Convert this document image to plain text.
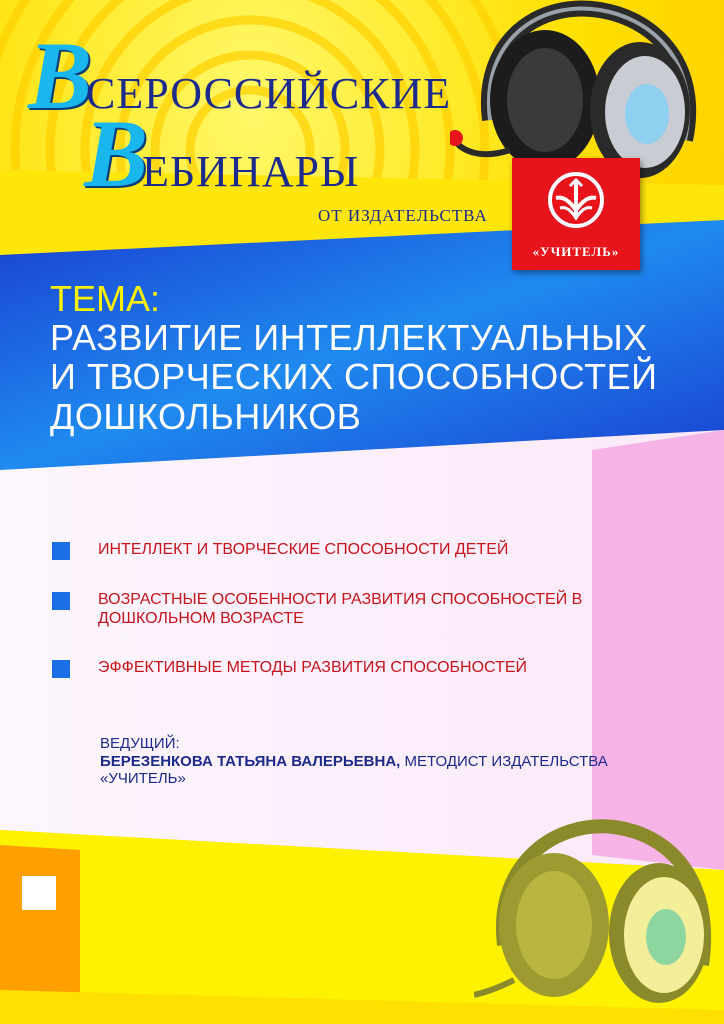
В
СЕРОССИЙСКИЕ
В
ЕБИНАРЫ
ОТ ИЗДАТЕЛЬСТВА
«УЧИТЕЛЬ»
ТЕМА:
РАЗВИТИЕ ИНТЕЛЛЕКТУАЛЬНЫХ
И ТВОРЧЕСКИХ СПОСОБНОСТЕЙ
ДОШКОЛЬНИКОВ
ИНТЕЛЛЕКТ И ТВОРЧЕСКИЕ СПОСОБНОСТИ ДЕТЕЙ
ВОЗРАСТНЫЕ ОСОБЕННОСТИ РАЗВИТИЯ СПОСОБНОСТЕЙ В ДОШКОЛЬНОМ ВОЗРАСТЕ
ЭФФЕКТИВНЫЕ МЕТОДЫ РАЗВИТИЯ СПОСОБНОСТЕЙ
ВЕДУЩИЙ:
БЕРЕЗЕНКОВА ТАТЬЯНА ВАЛЕРЬЕВНА, МЕТОДИСТ ИЗДАТЕЛЬСТВА «УЧИТЕЛЬ»
